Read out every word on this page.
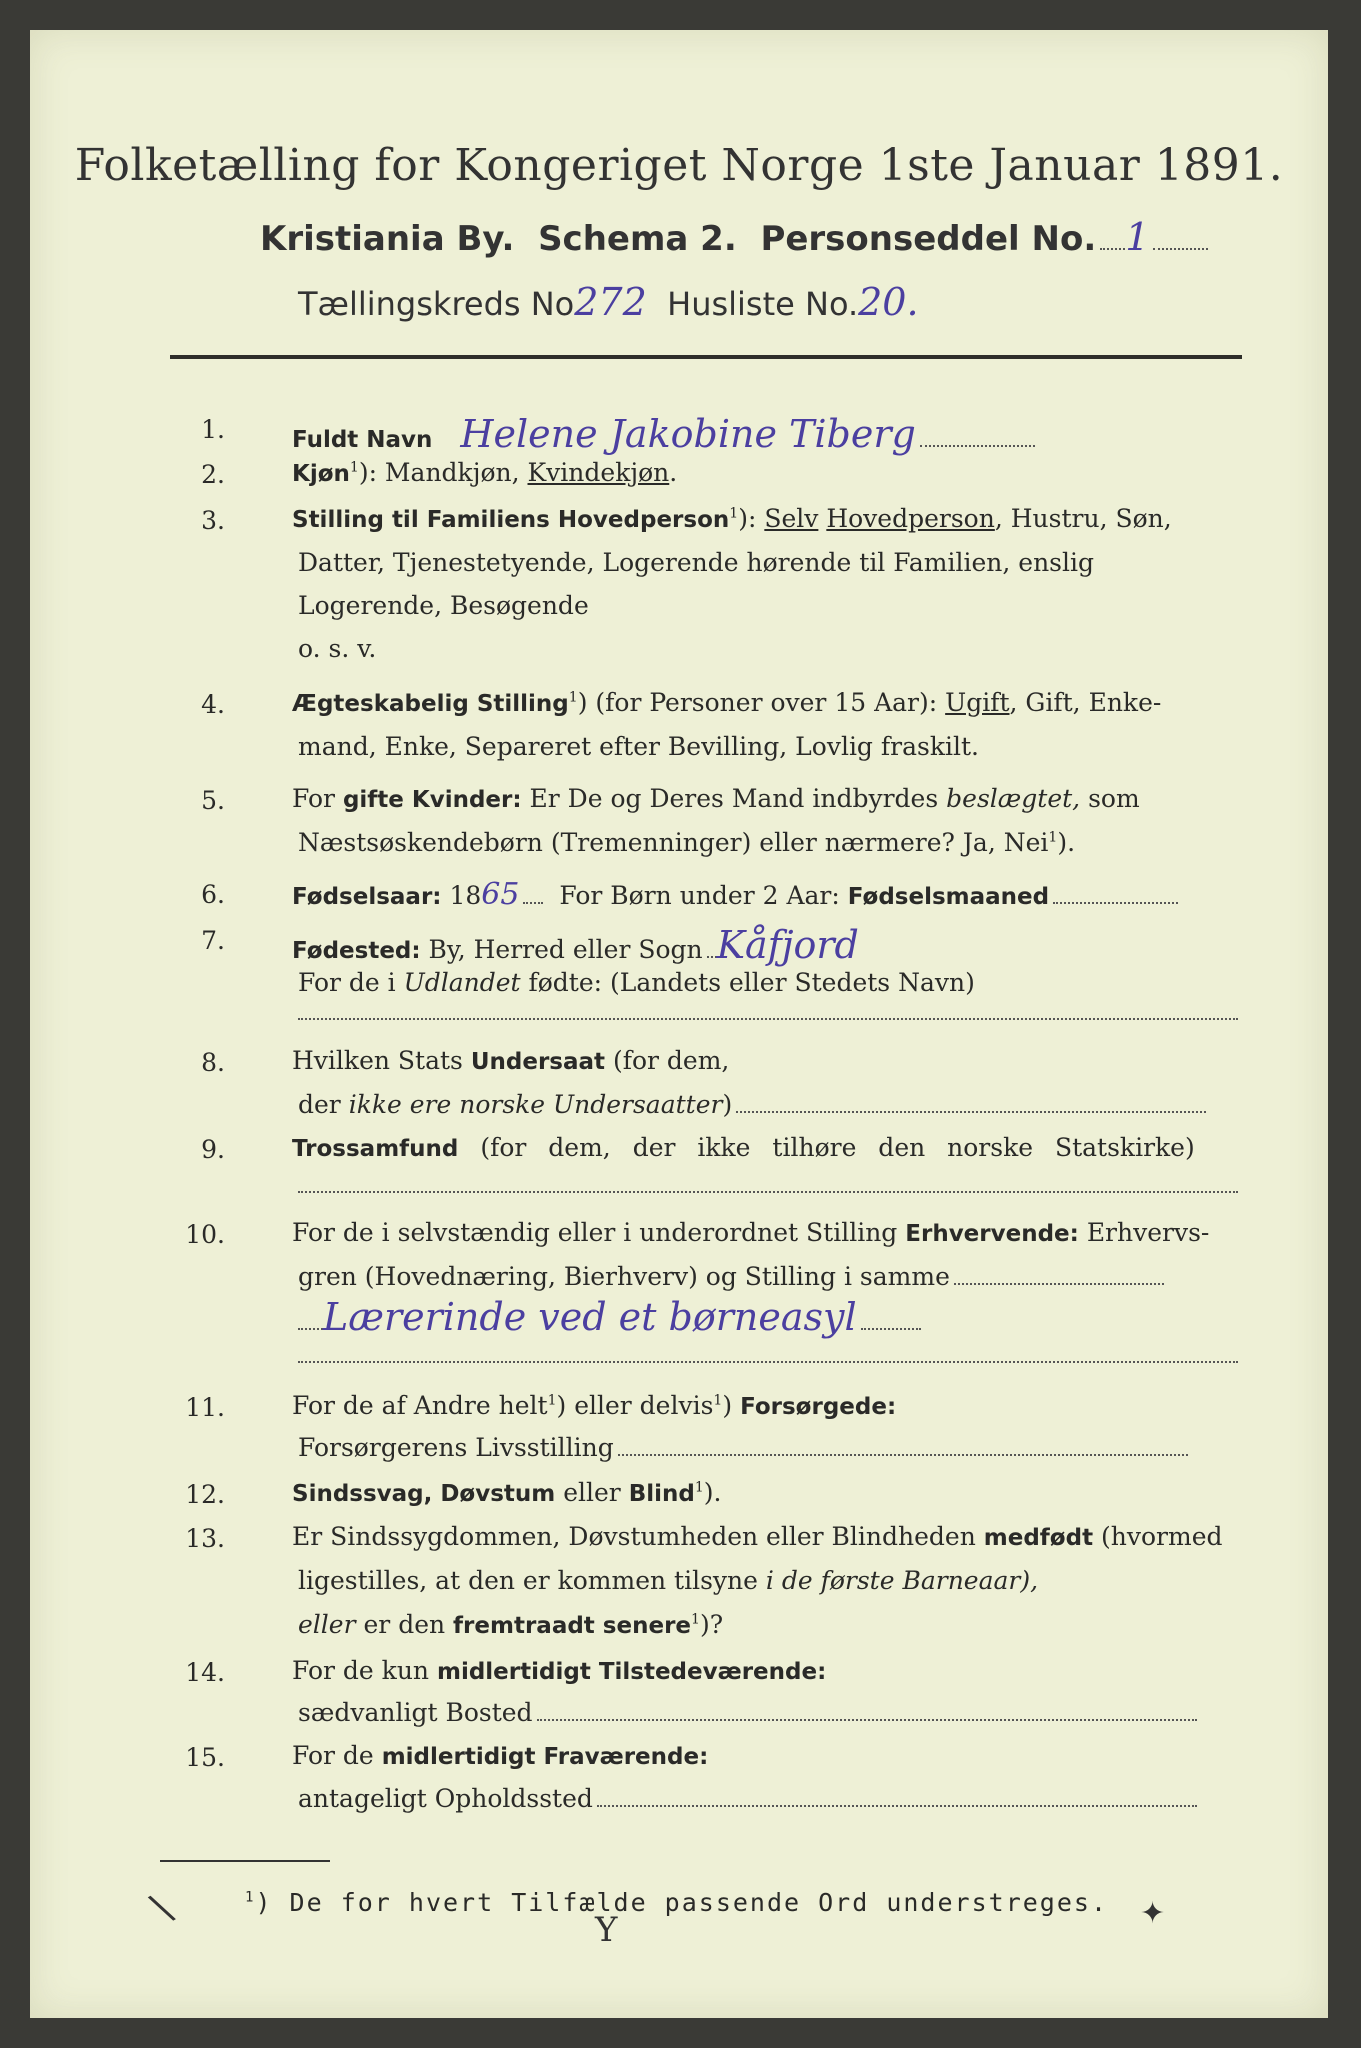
Folketælling for Kongeriget Norge 1ste Januar 1891.
Kristiania By. Schema 2. Personseddel No. 1
Tællingskreds No272 Husliste No.20.
1.	Fuldt Navn Helene Jakobine Tiberg
2.	Kjøn$^1$): Mandkjøn, Kvindekjøn.
3.	Stilling til Familiens Hovedperson$^1$): Selv Hovedperson, Hustru, Søn,
Datter, Tjenestetyende, Logerende hørende til Familien, enslig
Logerende, Besøgende
o. s. v.
4.	Ægteskabelig Stilling$^1$) (for Personer over 15 Aar): Ugift, Gift, Enke-
mand, Enke, Separeret efter Bevilling, Lovlig fraskilt.
5.	For gifte Kvinder: Er De og Deres Mand indbyrdes beslægtet, som
Næstsøskendebørn (Tremenninger) eller nærmere? Ja, Nei$^1$).
6.	Fødselsaar: 1865 For Børn under 2 Aar: Fødselsmaaned
7.	Fødested: By, Herred eller Sogn Kåfjord
For de i Udlandet fødte: (Landets eller Stedets Navn)
8.	Hvilken Stats Undersaat (for dem,
der ikke ere norske Undersaatter)
9.	Trossamfund (for dem, der ikke tilhøre den norske Statskirke)
10.	For de i selvstændig eller i underordnet Stilling Erhvervende: Erhvervs-
gren (Hovednæring, Bierhverv) og Stilling i samme
Lærerinde ved et børneasyl
11.	For de af Andre helt$^1$) eller delvis$^1$) Forsørgede:
Forsørgerens Livsstilling
12.	Sindssvag, Døvstum eller Blind$^1$).
13.	Er Sindssygdommen, Døvstumheden eller Blindheden medfødt (hvormed
ligestilles, at den er kommen tilsyne i de første Barneaar),
eller er den fremtraadt senere$^1$)?
14.	For de kun midlertidigt Tilstedeværende:
sædvanligt Bosted
15.	For de midlertidigt Fraværende:
antageligt Opholdssted
$^1$) De for hvert Tilfælde passende Ord understreges.
\	Y	✦
